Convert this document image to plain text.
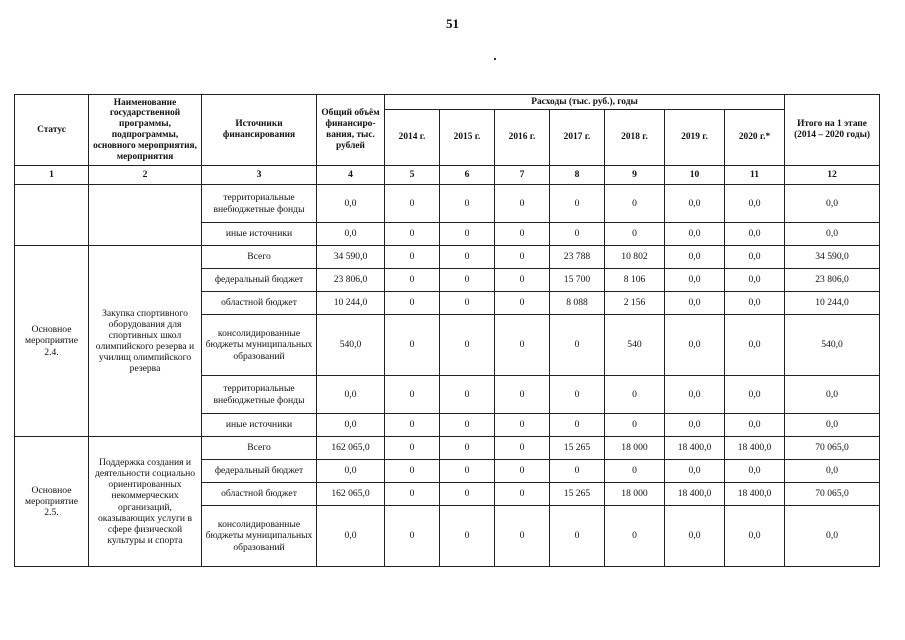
51
Статус	Наименование государственной программы, подпрограммы, основного мероприятия, мероприятия	Источники финансирования	Общий объём финансиро-вания, тыс. рублей	Расходы (тыс. руб.), годы							Итого на 1 этапе (2014 – 2020 годы)
				2014 г.	2015 г.	2016 г.	2017 г.	2018 г.	2019 г.	2020 г.*	
1	2	3	4	5	6	7	8	9	10	11	12
		территориальные внебюджетные фонды	0,0	0	0	0	0	0	0,0	0,0	0,0
		иные источники	0,0	0	0	0	0	0	0,0	0,0	0,0
Основное мероприятие 2.4.	Закупка спортивного оборудования для спортивных школ олимпийского резерва и училищ олимпийского резерва	Всего	34 590,0	0	0	0	23 788	10 802	0,0	0,0	34 590,0
		федеральный бюджет	23 806,0	0	0	0	15 700	8 106	0,0	0,0	23 806,0
		областной бюджет	10 244,0	0	0	0	8 088	2 156	0,0	0,0	10 244,0
		консолидированные бюджеты муниципальных образований	540,0	0	0	0	0	540	0,0	0,0	540,0
		территориальные внебюджетные фонды	0,0	0	0	0	0	0	0,0	0,0	0,0
		иные источники	0,0	0	0	0	0	0	0,0	0,0	0,0
Основное мероприятие 2.5.	Поддержка создания и деятельности социально ориентированных некоммерческих организаций, оказывающих услуги в сфере физической культуры и спорта	Всего	162 065,0	0	0	0	15 265	18 000	18 400,0	18 400,0	70 065,0
		федеральный бюджет	0,0	0	0	0	0	0	0,0	0,0	0,0
		областной бюджет	162 065,0	0	0	0	15 265	18 000	18 400,0	18 400,0	70 065,0
		консолидированные бюджеты муниципальных образований	0,0	0	0	0	0	0	0,0	0,0	0,0
